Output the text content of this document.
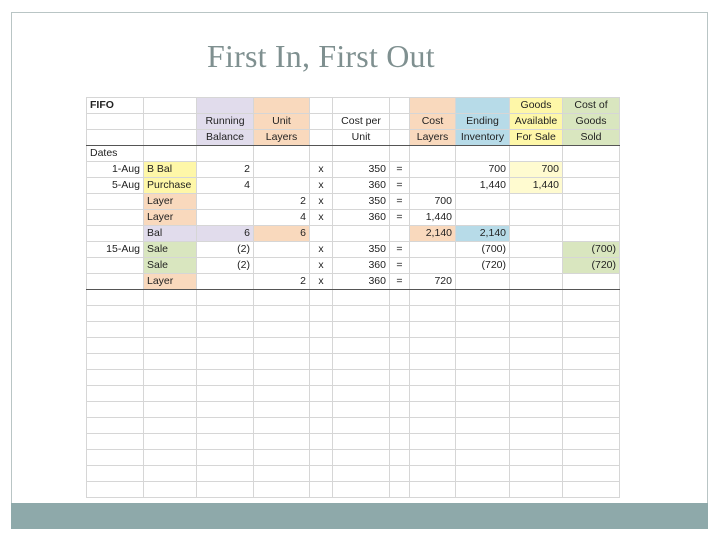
First In, First Out
FIFO									Goods	Cost of
		Running	Unit		Cost per		Cost	Ending	Available	Goods
		Balance	Layers		Unit		Layers	Inventory	For Sale	Sold
Dates										
1-Aug	B Bal	2		x	350	=		700	700	
5-Aug	Purchase	4		x	360	=		1,440	1,440	
	Layer		2	x	350	=	700			
	Layer		4	x	360	=	1,440			
	Bal	6	6				2,140	2,140		
15-Aug	Sale	(2)		x	350	=		(700)		(700)
	Sale	(2)		x	360	=		(720)		(720)
	Layer		2	x	360	=	720			
